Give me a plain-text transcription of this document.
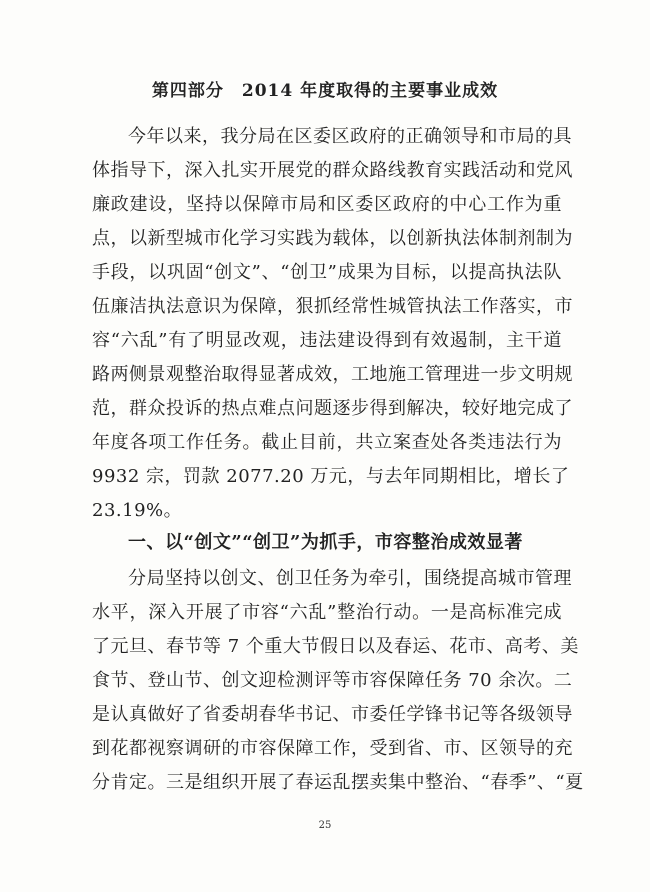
第四部分 2014 年度取得的主要事业成效
今年以来，我分局在区委区政府的正确领导和市局的具
体指导下，深入扎实开展党的群众路线教育实践活动和党风
廉政建设，坚持以保障市局和区委区政府的中心工作为重
点，以新型城市化学习实践为载体，以创新执法体制剂制为
手段，以巩固“创文”、“创卫”成果为目标，以提高执法队
伍廉洁执法意识为保障，狠抓经常性城管执法工作落实，市
容“六乱”有了明显改观，违法建设得到有效遏制，主干道
路两侧景观整治取得显著成效，工地施工管理进一步文明规
范，群众投诉的热点难点问题逐步得到解决，较好地完成了
年度各项工作任务。截止目前，共立案查处各类违法行为
9932 宗，罚款 2077.20 万元，与去年同期相比，增长了
23.19%。
一、以“创文”“创卫”为抓手，市容整治成效显著
分局坚持以创文、创卫任务为牵引，围绕提高城市管理
水平，深入开展了市容“六乱”整治行动。一是高标准完成
了元旦、春节等 7 个重大节假日以及春运、花市、高考、美
食节、登山节、创文迎检测评等市容保障任务 70 余次。二
是认真做好了省委胡春华书记、市委任学锋书记等各级领导
到花都视察调研的市容保障工作，受到省、市、区领导的充
分肯定。三是组织开展了春运乱摆卖集中整治、“春季”、“夏
25
